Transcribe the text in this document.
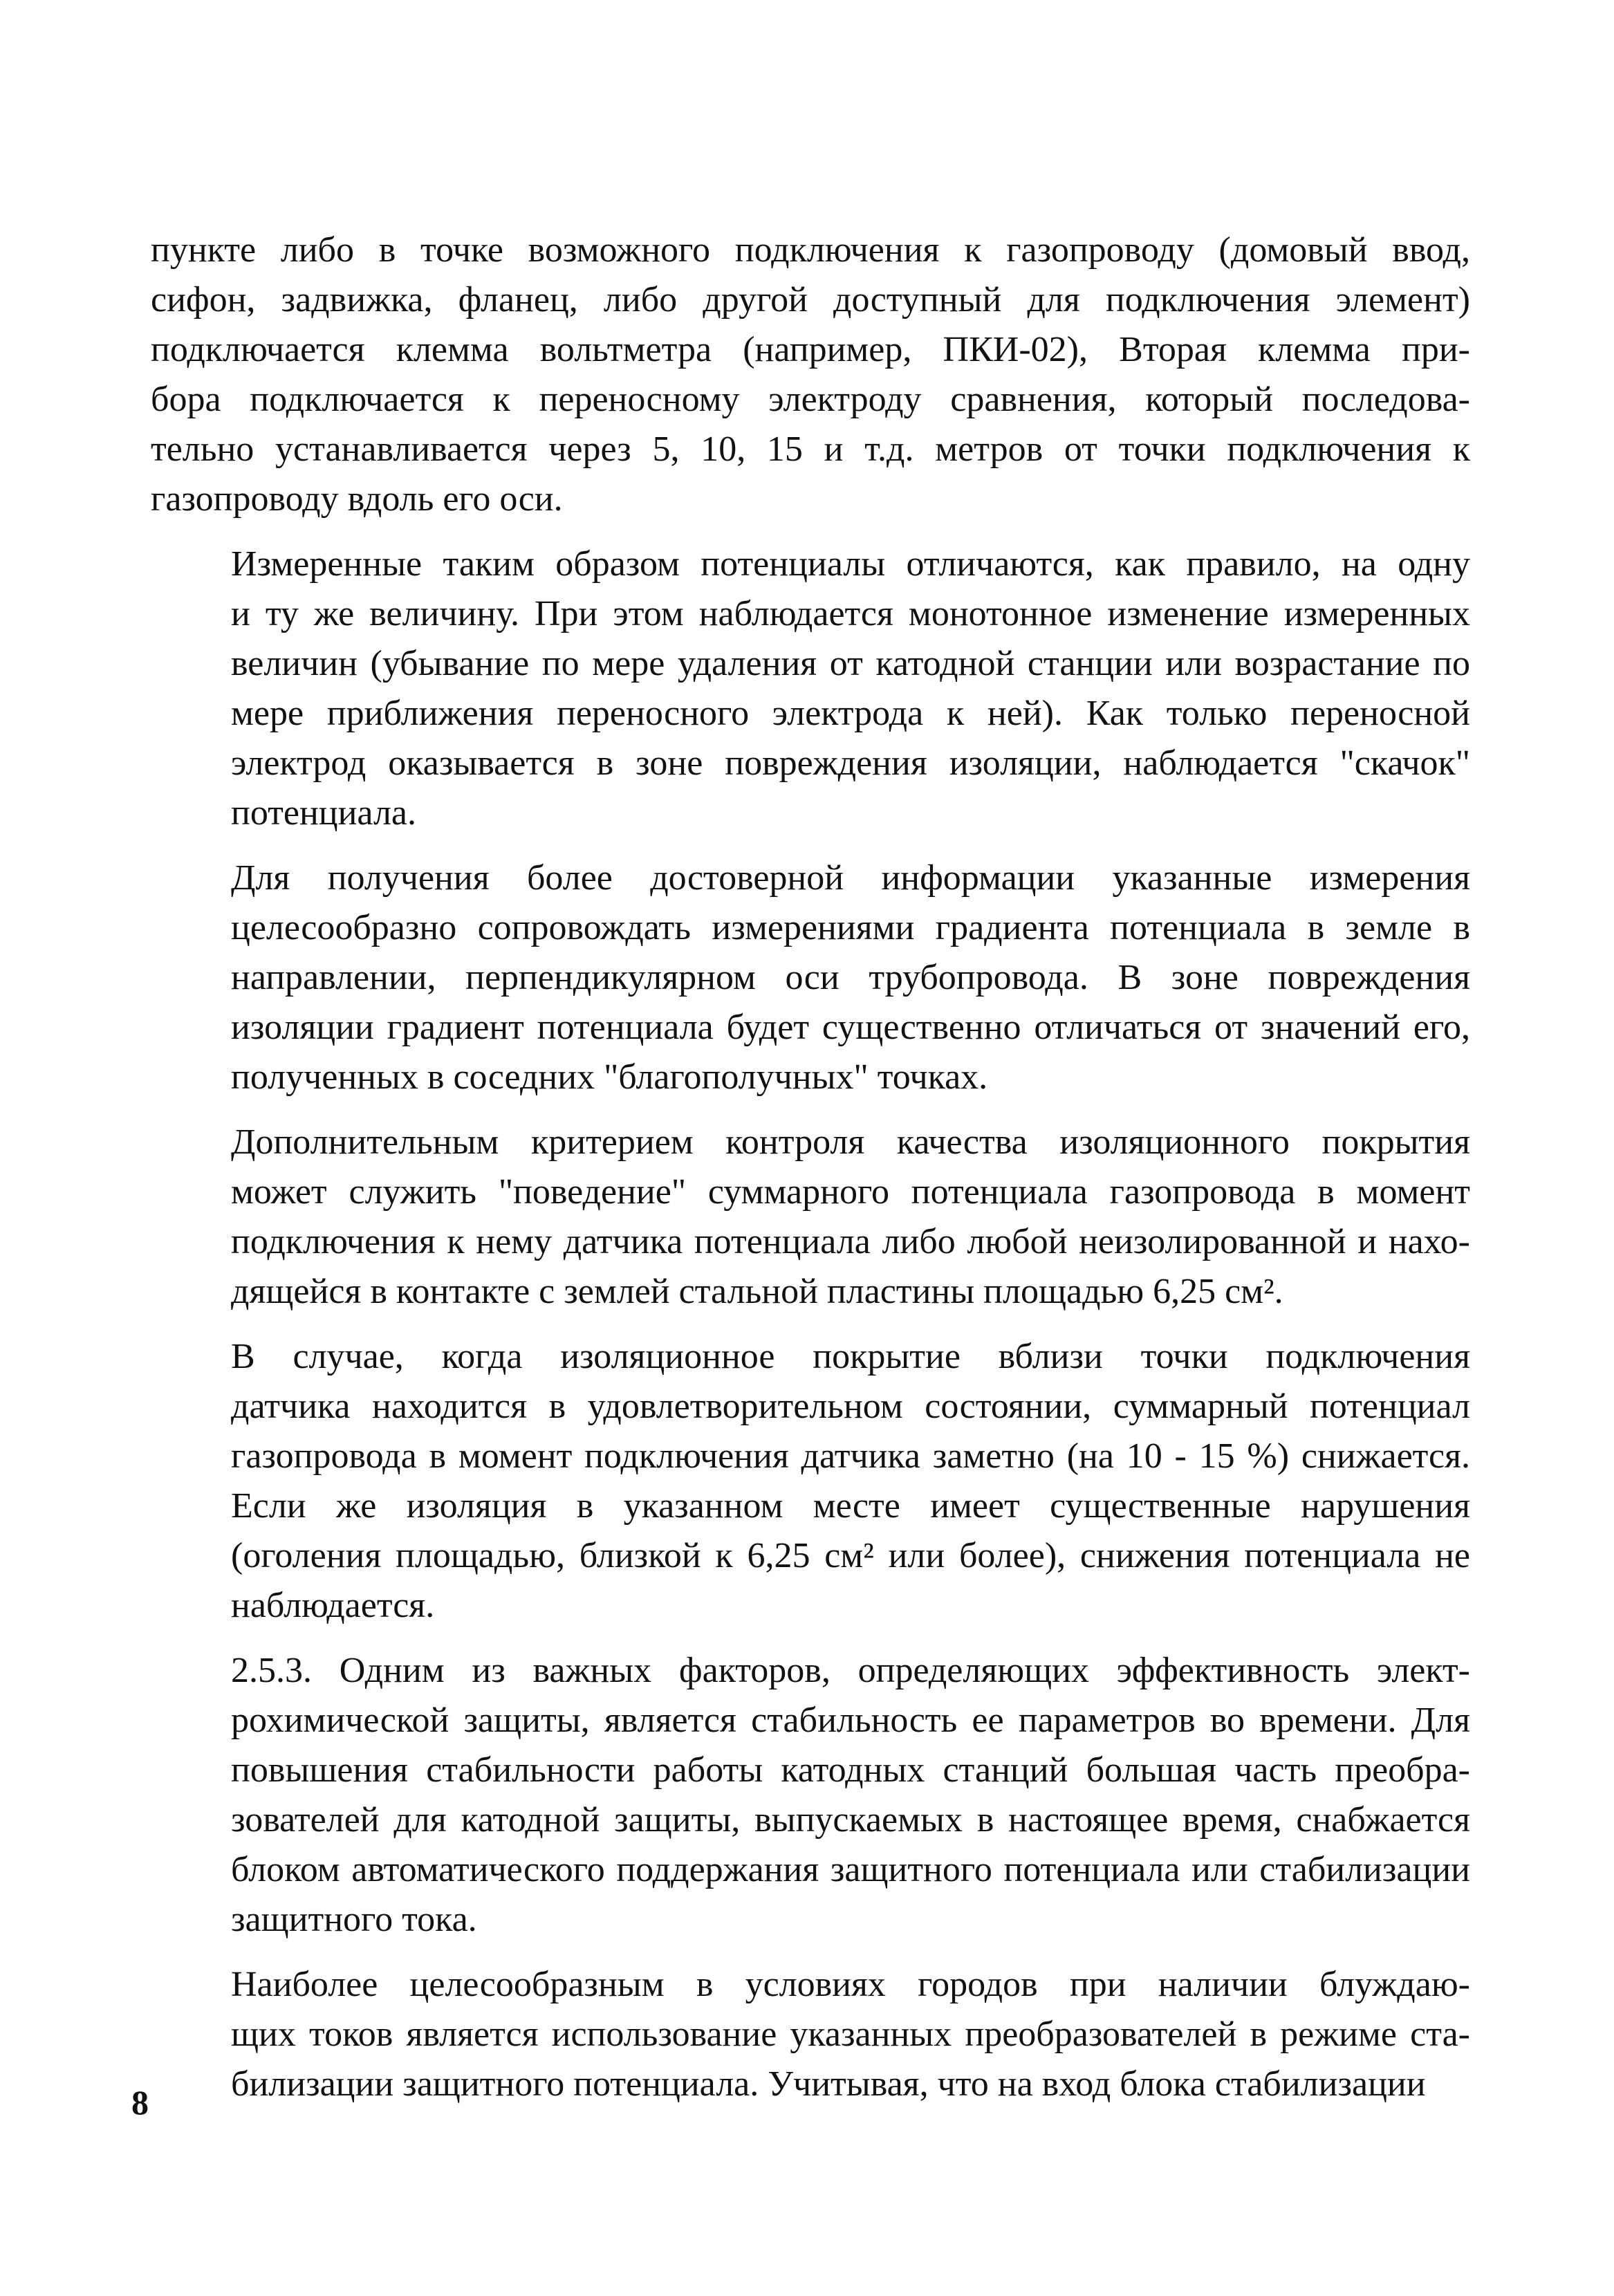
пункте либо в точке возможного подключения к газопроводу (домовый ввод,
сифон, задвижка, фланец, либо другой доступный для подключения элемент)
подключается клемма вольтметра (например, ПКИ-02), Вторая клемма при-
бора подключается к переносному электроду сравнения, который последова-
тельно устанавливается через 5, 10, 15 и т.д. метров от точки подключения к
газопроводу вдоль его оси.

Измеренные таким образом потенциалы отличаются, как правило, на одну
и ту же величину. При этом наблюдается монотонное изменение измеренных
величин (убывание по мере удаления от катодной станции или возрастание по
мере приближения переносного электрода к ней). Как только переносной
электрод оказывается в зоне повреждения изоляции, наблюдается "скачок"
потенциала.

Для получения более достоверной информации указанные измерения
целесообразно сопровождать измерениями градиента потенциала в земле в
направлении, перпендикулярном оси трубопровода. В зоне повреждения
изоляции градиент потенциала будет существенно отличаться от значений его,
полученных в соседних "благополучных" точках.

Дополнительным критерием контроля качества изоляционного покрытия
может служить "поведение" суммарного потенциала газопровода в момент
подключения к нему датчика потенциала либо любой неизолированной и нахо-
дящейся в контакте с землей стальной пластины площадью 6,25 см².

В случае, когда изоляционное покрытие вблизи точки подключения
датчика находится в удовлетворительном состоянии, суммарный потенциал
газопровода в момент подключения датчика заметно (на 10 - 15 %) снижается.
Если же изоляция в указанном месте имеет существенные нарушения
(оголения площадью, близкой к 6,25 см² или более), снижения потенциала не
наблюдается.

2.5.3. Одним из важных факторов, определяющих эффективность элект-
рохимической защиты, является стабильность ее параметров во времени. Для
повышения стабильности работы катодных станций большая часть преобра-
зователей для катодной защиты, выпускаемых в настоящее время, снабжается
блоком автоматического поддержания защитного потенциала или стабилизации
защитного тока.

Наиболее целесообразным в условиях городов при наличии блуждаю-
щих токов является использование указанных преобразователей в режиме ста-
билизации защитного потенциала. Учитывая, что на вход блока стабилизации

8
